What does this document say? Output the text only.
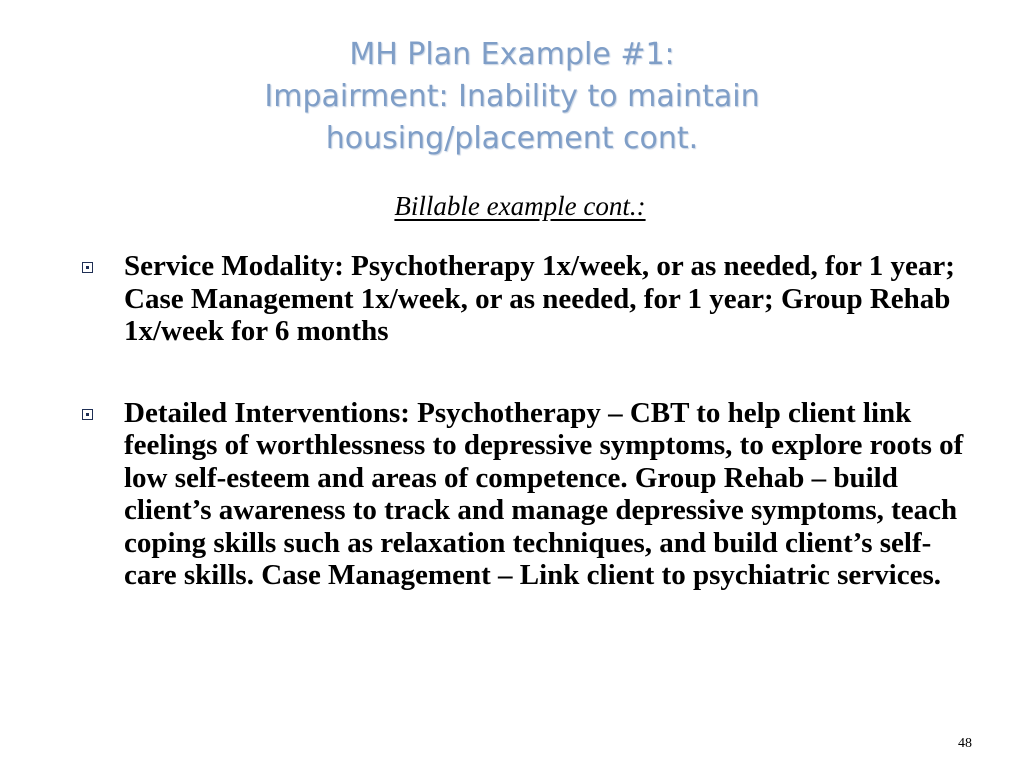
MH Plan Example #1:
Impairment: Inability to maintain
housing/placement cont.
Billable example cont.:
Service Modality: Psychotherapy 1x/week, or as needed, for 1 year; Case Management 1x/week, or as needed, for 1 year; Group Rehab 1x/week for 6 months
Detailed Interventions: Psychotherapy – CBT to help client link feelings of worthlessness to depressive symptoms, to explore roots of low self-esteem and areas of competence. Group Rehab – build client’s awareness to track and manage depressive symptoms, teach coping skills such as relaxation techniques, and build client’s self-care skills. Case Management – Link client to psychiatric services.
48
